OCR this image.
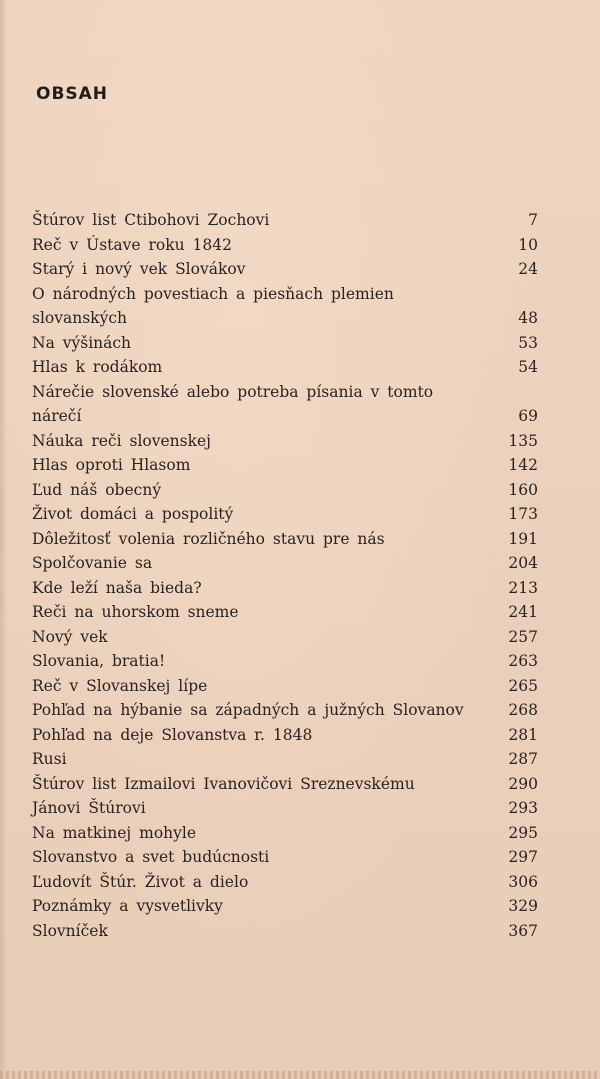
OBSAH
Štúrov list Ctibohovi Zochovi	7
Reč v Ústave roku 1842	10
Starý i nový vek Slovákov	24
O národných povestiach a piesňach plemien slovanských	48
Na výšinách	53
Hlas k rodákom	54
Nárečie slovenské alebo potreba písania v tomto nárečí	69
Náuka reči slovenskej	135
Hlas oproti Hlasom	142
Ľud náš obecný	160
Život domáci a pospolitý	173
Dôležitosť volenia rozličného stavu pre nás	191
Spolčovanie sa	204
Kde leží naša bieda?	213
Reči na uhorskom sneme	241
Nový vek	257
Slovania, bratia!	263
Reč v Slovanskej lípe	265
Pohľad na hýbanie sa západných a južných Slovanov	268
Pohľad na deje Slovanstva r. 1848	281
Rusi	287
Štúrov list Izmailovi Ivanovičovi Sreznevskému	290
Jánovi Štúrovi	293
Na matkinej mohyle	295
Slovanstvo a svet budúcnosti	297
Ľudovít Štúr. Život a dielo	306
Poznámky a vysvetlivky	329
Slovníček	367
